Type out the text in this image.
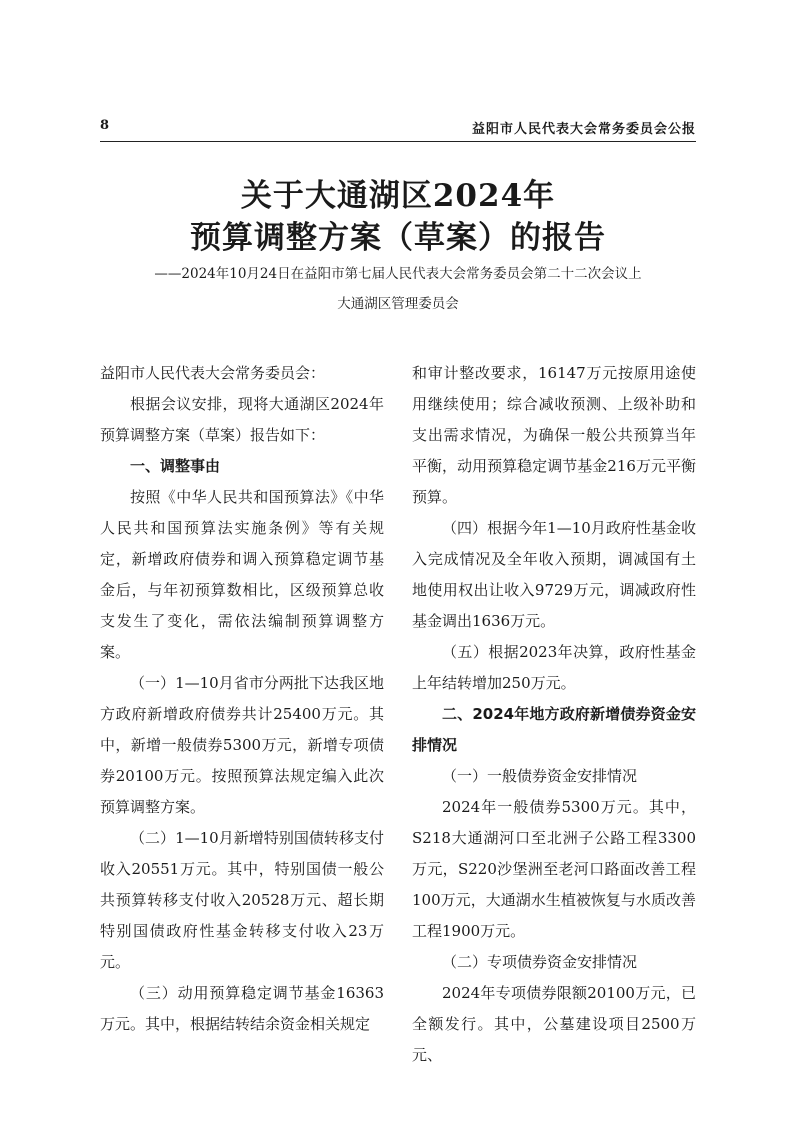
8	益阳市人民代表大会常务委员会公报
关于大通湖区2024年
预算调整方案（草案）的报告
——2024年10月24日在益阳市第七届人民代表大会常务委员会第二十二次会议上
大通湖区管理委员会

益阳市人民代表大会常务委员会：

根据会议安排，现将大通湖区2024年预算调整方案（草案）报告如下：

一、调整事由

按照《中华人民共和国预算法》《中华人民共和国预算法实施条例》等有关规定，新增政府债券和调入预算稳定调节基金后，与年初预算数相比，区级预算总收支发生了变化，需依法编制预算调整方案。

（一）1—10月省市分两批下达我区地方政府新增政府债券共计25400万元。其中，新增一般债券5300万元，新增专项债券20100万元。按照预算法规定编入此次预算调整方案。

（二）1—10月新增特别国债转移支付收入20551万元。其中，特别国债一般公共预算转移支付收入20528万元、超长期特别国债政府性基金转移支付收入23万元。

（三）动用预算稳定调节基金16363万元。其中，根据结转结余资金相关规定

和审计整改要求，16147万元按原用途使用继续使用；综合减收预测、上级补助和支出需求情况，为确保一般公共预算当年平衡，动用预算稳定调节基金216万元平衡预算。

（四）根据今年1—10月政府性基金收入完成情况及全年收入预期，调减国有土地使用权出让收入9729万元，调减政府性基金调出1636万元。

（五）根据2023年决算，政府性基金上年结转增加250万元。

二、2024年地方政府新增债券资金安排情况

（一）一般债券资金安排情况

2024年一般债券5300万元。其中，S218大通湖河口至北洲子公路工程3300万元，S220沙堡洲至老河口路面改善工程100万元，大通湖水生植被恢复与水质改善工程1900万元。

（二）专项债券资金安排情况

2024年专项债券限额20100万元，已全额发行。其中，公墓建设项目2500万元、
